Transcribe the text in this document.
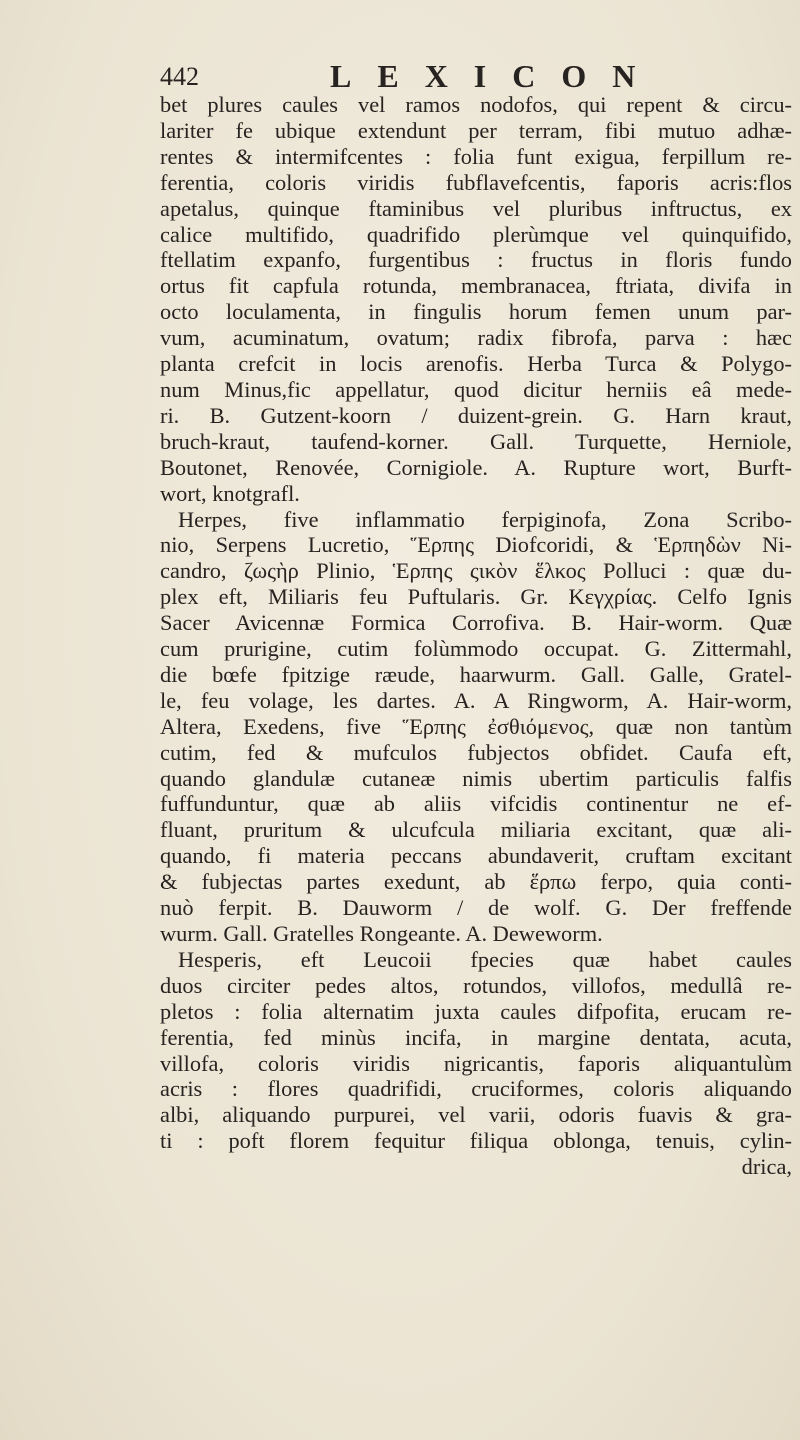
442	LEXICON
bet plures caules vel ramos nodofos, qui repent & circu-
lariter fe ubique extendunt per terram, fibi mutuo adhæ-
rentes & intermifcentes : folia funt exigua, ferpillum re-
ferentia, coloris viridis fubflavefcentis, faporis acris:flos
apetalus, quinque ftaminibus vel pluribus inftructus, ex
calice multifido, quadrifido plerùmque vel quinquifido,
ftellatim expanfo, furgentibus : fructus in floris fundo
ortus fit capfula rotunda, membranacea, ftriata, divifa in
octo loculamenta, in fingulis horum femen unum par-
vum, acuminatum, ovatum; radix fibrofa, parva : hæc
planta crefcit in locis arenofis. Herba Turca & Polygo-
num Minus,fic appellatur, quod dicitur herniis eâ mede-
ri. B. Gutzent-koorn / duizent-grein. G. Harn kraut,
bruch-kraut, taufend-korner. Gall. Turquette, Herniole,
Boutonet, Renovée, Cornigiole. A. Rupture wort, Burft-
wort, knotgrafl.
Herpes, five inflammatio ferpiginofa, Zona Scribo-
nio, Serpens Lucretio, Ἕρπης Diofcoridi, & Ἑρπηδὼν Ni-
candro, ζωςὴρ Plinio, Ἑρπης ςικὸν ἕλκος Polluci : quæ du-
plex eft, Miliaris feu Puftularis. Gr. Κεγχρίας. Celfo Ignis
Sacer Avicennæ Formica Corrofiva. B. Hair-worm. Quæ
cum prurigine, cutim folùmmodo occupat. G. Zittermahl,
die bœfe fpitzige ræude, haarwurm. Gall. Galle, Gratel-
le, feu volage, les dartes. A. A Ringworm, A. Hair-worm,
Altera, Exedens, five Ἕρπης ἐσθιόμενος, quæ non tantùm
cutim, fed & mufculos fubjectos obfidet. Caufa eft,
quando glandulæ cutaneæ nimis ubertim particulis falfis
fuffunduntur, quæ ab aliis vifcidis continentur ne ef-
fluant, pruritum & ulcufcula miliaria excitant, quæ ali-
quando, fi materia peccans abundaverit, cruftam excitant
& fubjectas partes exedunt, ab ἕρπω ferpo, quia conti-
nuò ferpit. B. Dauworm / de wolf. G. Der freffende
wurm. Gall. Gratelles Rongeante. A. Deweworm.
Hesperis, eft Leucoii fpecies quæ habet caules
duos circiter pedes altos, rotundos, villofos, medullâ re-
pletos : folia alternatim juxta caules difpofita, erucam re-
ferentia, fed minùs incifa, in margine dentata, acuta,
villofa, coloris viridis nigricantis, faporis aliquantulùm
acris : flores quadrifidi, cruciformes, coloris aliquando
albi, aliquando purpurei, vel varii, odoris fuavis & gra-
ti : poft florem fequitur filiqua oblonga, tenuis, cylin-
drica,
